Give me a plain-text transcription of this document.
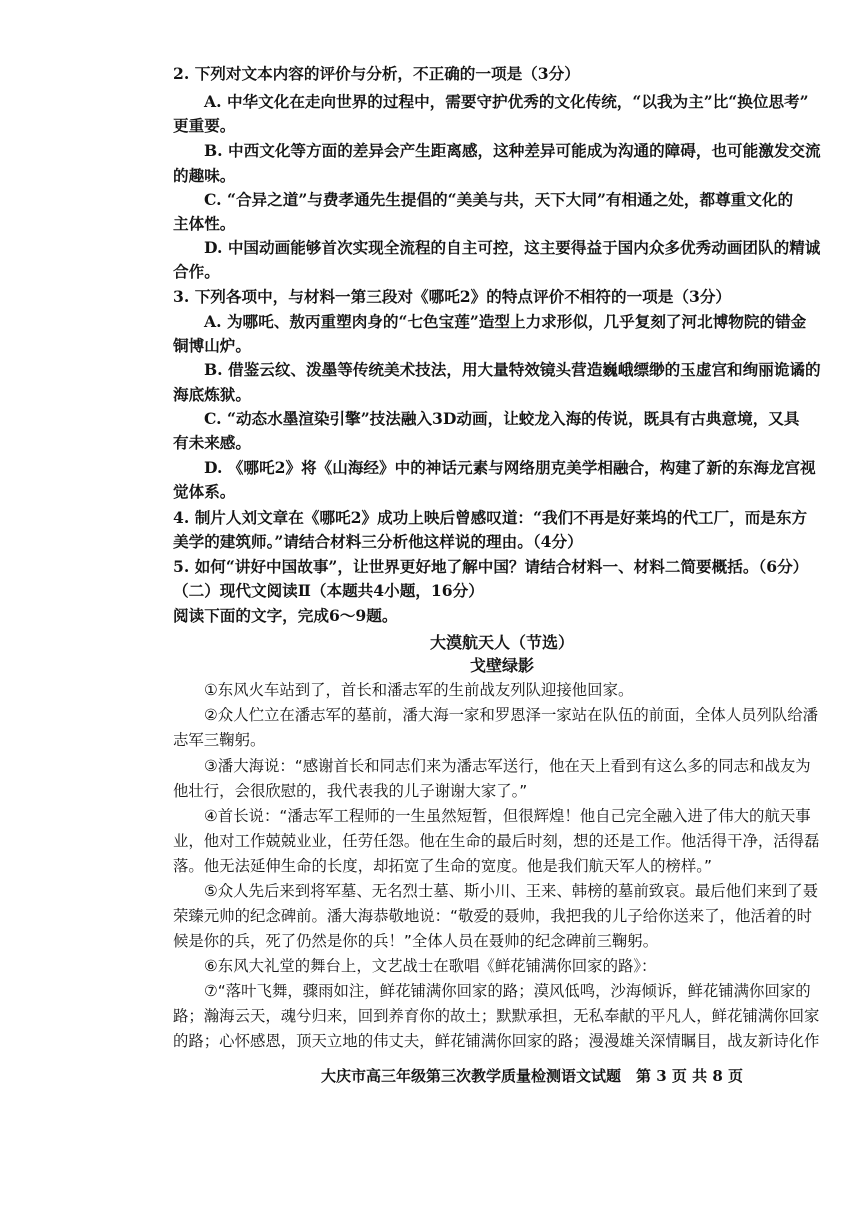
2. 下列对文本内容的评价与分析，不正确的一项是（3分）
A. 中华文化在走向世界的过程中，需要守护优秀的文化传统，“以我为主”比“换位思考”
更重要。
B. 中西文化等方面的差异会产生距离感，这种差异可能成为沟通的障碍，也可能激发交流
的趣味。
C. “合异之道”与费孝通先生提倡的“美美与共，天下大同”有相通之处，都尊重文化的
主体性。
D. 中国动画能够首次实现全流程的自主可控，这主要得益于国内众多优秀动画团队的精诚
合作。
3. 下列各项中，与材料一第三段对《哪吒2》的特点评价不相符的一项是（3分）
A. 为哪吒、敖丙重塑肉身的“七色宝莲”造型上力求形似，几乎复刻了河北博物院的错金
铜博山炉。
B. 借鉴云纹、泼墨等传统美术技法，用大量特效镜头营造巍峨缥缈的玉虚宫和绚丽诡谲的
海底炼狱。
C. “动态水墨渲染引擎”技法融入3D动画，让蛟龙入海的传说，既具有古典意境，又具
有未来感。
D. 《哪吒2》将《山海经》中的神话元素与网络朋克美学相融合，构建了新的东海龙宫视
觉体系。
4. 制片人刘文章在《哪吒2》成功上映后曾感叹道：“我们不再是好莱坞的代工厂，而是东方
美学的建筑师。”请结合材料三分析他这样说的理由。（4分）
5. 如何“讲好中国故事”，让世界更好地了解中国？请结合材料一、材料二简要概括。（6分）
（二）现代文阅读Ⅱ（本题共4小题，16分）
阅读下面的文字，完成6～9题。
大漠航天人（节选）
戈壁绿影
①东风火车站到了，首长和潘志军的生前战友列队迎接他回家。
②众人伫立在潘志军的墓前，潘大海一家和罗恩泽一家站在队伍的前面，全体人员列队给潘
志军三鞠躬。
③潘大海说：“感谢首长和同志们来为潘志军送行，他在天上看到有这么多的同志和战友为
他壮行，会很欣慰的，我代表我的儿子谢谢大家了。”
④首长说：“潘志军工程师的一生虽然短暂，但很辉煌！他自己完全融入进了伟大的航天事
业，他对工作兢兢业业，任劳任怨。他在生命的最后时刻，想的还是工作。他活得干净，活得磊
落。他无法延伸生命的长度，却拓宽了生命的宽度。他是我们航天军人的榜样。”
⑤众人先后来到将军墓、无名烈士墓、斯小川、王来、韩榜的墓前致哀。最后他们来到了聂
荣臻元帅的纪念碑前。潘大海恭敬地说：“敬爱的聂帅，我把我的儿子给你送来了，他活着的时
候是你的兵，死了仍然是你的兵！”全体人员在聂帅的纪念碑前三鞠躬。
⑥东风大礼堂的舞台上，文艺战士在歌唱《鲜花铺满你回家的路》：
⑦“落叶飞舞，骤雨如注，鲜花铺满你回家的路；漠风低鸣，沙海倾诉，鲜花铺满你回家的
路；瀚海云天，魂兮归来，回到养育你的故土；默默承担，无私奉献的平凡人，鲜花铺满你回家
的路；心怀感恩，顶天立地的伟丈夫，鲜花铺满你回家的路；漫漫雄关深情瞩目，战友新诗化作
大庆市高三年级第三次教学质量检测语文试题　第 3 页 共 8 页
